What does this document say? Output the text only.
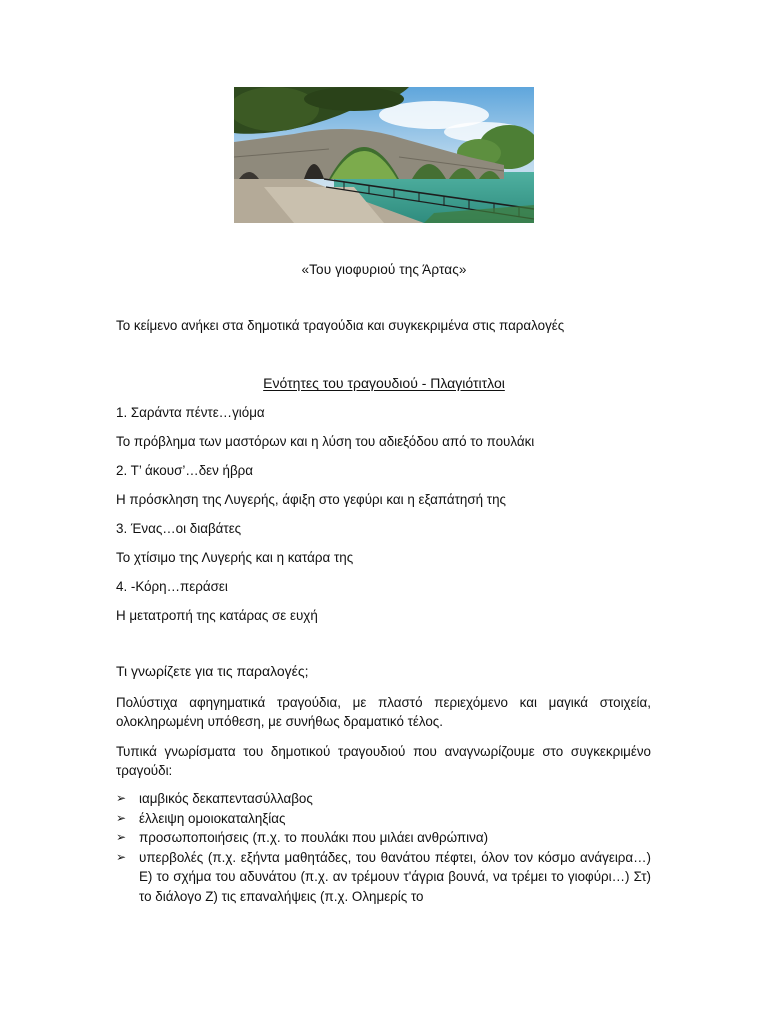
«Του γιοφυριού της Άρτας»
Το κείμενο ανήκει στα δημοτικά τραγούδια και συγκεκριμένα στις παραλογές
Ενότητες του τραγουδιού - Πλαγιότιτλοι
1. Σαράντα πέντε…γιόμα
Το πρόβλημα των μαστόρων και η λύση του αδιεξόδου από το πουλάκι
2. Τ’ άκουσ’…δεν ήβρα
Η πρόσκληση της Λυγερής, άφιξη στο γεφύρι και η εξαπάτησή της
3. Ένας…οι διαβάτες
Το χτίσιμο της Λυγερής και η κατάρα της
4. -Κόρη…περάσει
Η μετατροπή της κατάρας σε ευχή
Τι γνωρίζετε για τις παραλογές;
Πολύστιχα αφηγηματικά τραγούδια, με πλαστό περιεχόμενο και μαγικά στοιχεία, ολοκληρωμένη υπόθεση, με συνήθως δραματικό τέλος.
Τυπικά γνωρίσματα του δημοτικού τραγουδιού που αναγνωρίζουμε στο συγκεκριμένο τραγούδι:
➢ ιαμβικός δεκαπεντασύλλαβος
➢ έλλειψη ομοιοκαταληξίας
➢ προσωποποιήσεις (π.χ. το πουλάκι που μιλάει ανθρώπινα)
➢ υπερβολές (π.χ. εξήντα μαθητάδες, του θανάτου πέφτει, όλον τον κόσμο ανάγειρα…) Ε) το σχήμα του αδυνάτου (π.χ. αν τρέμουν τ'άγρια βουνά, να τρέμει το γιοφύρι…) Στ) το διάλογο Ζ) τις επαναλήψεις (π.χ. Ολημερίς το
